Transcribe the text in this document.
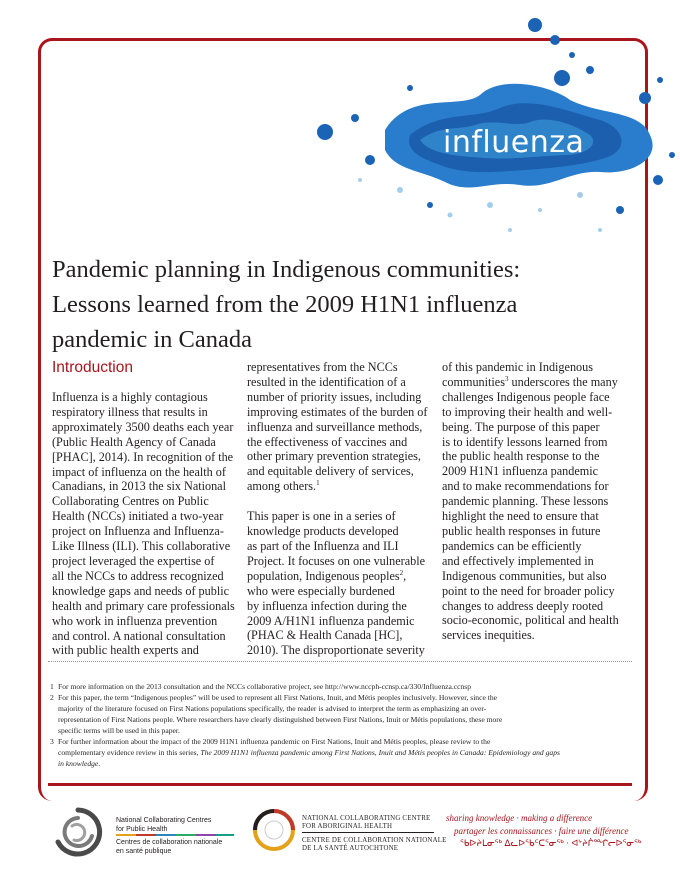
influenza
Pandemic planning in Indigenous communities:
Lessons learned from the 2009 H1N1 influenza
pandemic in Canada
Introduction
Influenza is a highly contagious
respiratory illness that results in
approximately 3500 deaths each year
(Public Health Agency of Canada
[PHAC], 2014). In recognition of the
impact of influenza on the health of
Canadians, in 2013 the six National
Collaborating Centres on Public
Health (NCCs) initiated a two-year
project on Influenza and Influenza-
Like Illness (ILI). This collaborative
project leveraged the expertise of
all the NCCs to address recognized
knowledge gaps and needs of public
health and primary care professionals
who work in influenza prevention
and control. A national consultation
with public health experts and
representatives from the NCCs
resulted in the identification of a
number of priority issues, including
improving estimates of the burden of
influenza and surveillance methods,
the effectiveness of vaccines and
other primary prevention strategies,
and equitable delivery of services,
among others.$^1$
This paper is one in a series of
knowledge products developed
as part of the Influenza and ILI
Project. It focuses on one vulnerable
population, Indigenous peoples$^2$,
who were especially burdened
by influenza infection during the
2009 A/H1N1 influenza pandemic
(PHAC & Health Canada [HC],
2010). The disproportionate severity
of this pandemic in Indigenous
communities$^3$ underscores the many
challenges Indigenous people face
to improving their health and well-
being. The purpose of this paper
is to identify lessons learned from
the public health response to the
2009 H1N1 influenza pandemic
and to make recommendations for
pandemic planning. These lessons
highlight the need to ensure that
public health responses in future
pandemics can be efficiently
and effectively implemented in
Indigenous communities, but also
point to the need for broader policy
changes to address deeply rooted
socio-economic, political and health
services inequities.
1 For more information on the 2013 consultation and the NCCs collaborative project, see http://www.nccph-ccnsp.ca/330/Influenza.ccnsp
2 For this paper, the term “Indigenous peoples” will be used to represent all First Nations, Inuit, and Métis peoples inclusively. However, since the
majority of the literature focused on First Nations populations specifically, the reader is advised to interpret the term as emphasizing an over-
representation of First Nations people. Where researchers have clearly distinguished between First Nations, Inuit or Métis populations, these more
specific terms will be used in this paper.
3 For further information about the impact of the 2009 H1N1 influenza pandemic on First Nations, Inuit and Métis peoples, please review to the
complementary evidence review in this series, The 2009 H1N1 influenza pandemic among First Nations, Inuit and Métis peoples in Canada: Epidemiology and gaps
in knowledge.
National Collaborating Centres
for Public Health
Centres de collaboration nationale
en santé publique
NATIONAL COLLABORATING CENTRE
FOR ABORIGINAL HEALTH
CENTRE DE COLLABORATION NATIONALE
DE LA SANTÉ AUTOCHTONE
sharing knowledge · making a difference
partager les connaissances · faire une différence
ᖃᐅᔨᒪᓂᖅ ᐃᓚᐅᖃᑦᑕᕐᓂᖅ · ᐊᔾᔨᒌᙱᓕᐅᕐᓂᖅ
